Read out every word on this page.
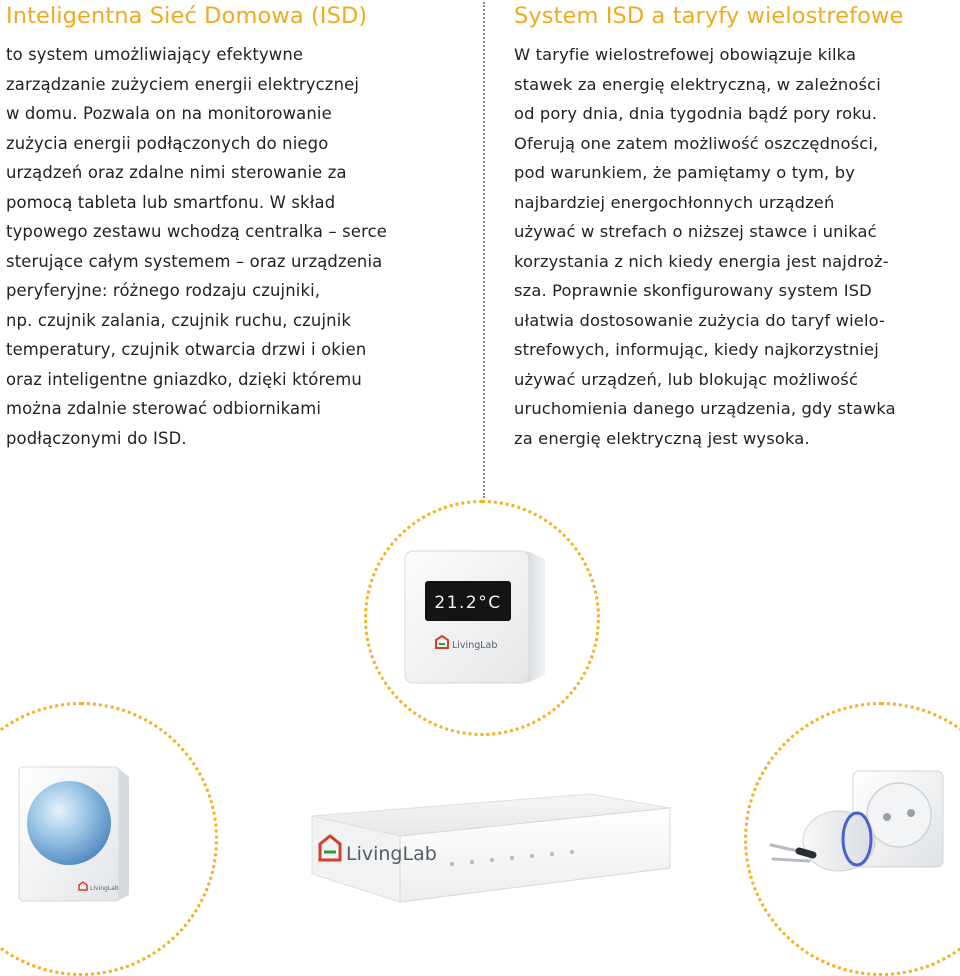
Inteligentna Sieć Domowa (ISD)
to system umożliwiający efektywne
zarządzanie zużyciem energii elektrycznej
w domu. Pozwala on na monitorowanie
zużycia energii podłączonych do niego
urządzeń oraz zdalne nimi sterowanie za
pomocą tableta lub smartfonu. W skład
typowego zestawu wchodzą centralka – serce
sterujące całym systemem – oraz urządzenia
peryferyjne: różnego rodzaju czujniki,
np. czujnik zalania, czujnik ruchu, czujnik
temperatury, czujnik otwarcia drzwi i okien
oraz inteligentne gniazdko, dzięki któremu
można zdalnie sterować odbiornikami
podłączonymi do ISD.
System ISD a taryfy wielostrefowe
W taryfie wielostrefowej obowiązuje kilka
stawek za energię elektryczną, w zależności
od pory dnia, dnia tygodnia bądź pory roku.
Oferują one zatem możliwość oszczędności,
pod warunkiem, że pamiętamy o tym, by
najbardziej energochłonnych urządzeń
używać w strefach o niższej stawce i unikać
korzystania z nich kiedy energia jest najdroż-
sza. Poprawnie skonfigurowany system ISD
ułatwia dostosowanie zużycia do taryf wielo-
strefowych, informując, kiedy najkorzystniej
używać urządzeń, lub blokując możliwość
uruchomienia danego urządzenia, gdy stawka
za energię elektryczną jest wysoka.
21.2°C
LivingLab
LivingLab
LivingLab
